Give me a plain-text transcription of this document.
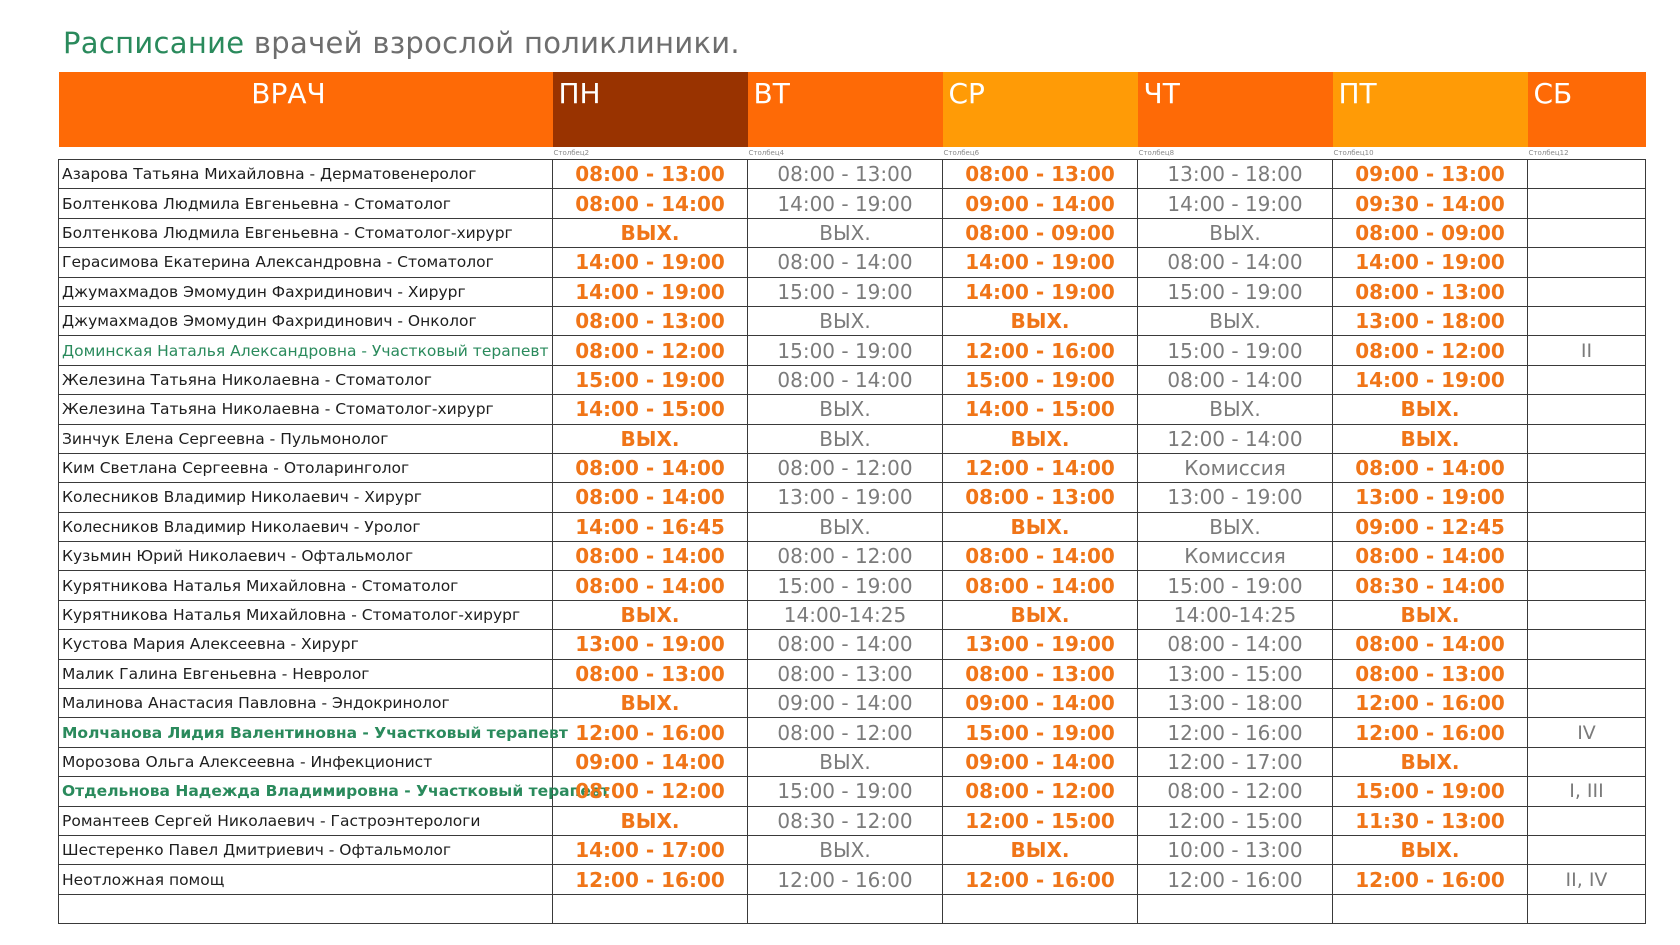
Расписание врачей взрослой поликлиники.
ВРАЧ	ПН	ВТ	СР	ЧТ	ПТ	СБ
	Столбец2	Столбец4	Столбец6	Столбец8	Столбец10	Столбец12
Азарова Татьяна Михайловна - Дерматовенеролог	08:00 - 13:00	08:00 - 13:00	08:00 - 13:00	13:00 - 18:00	09:00 - 13:00	
Болтенкова Людмила Евгеньевна - Стоматолог	08:00 - 14:00	14:00 - 19:00	09:00 - 14:00	14:00 - 19:00	09:30 - 14:00	
Болтенкова Людмила Евгеньевна - Стоматолог-хирург	ВЫХ.	ВЫХ.	08:00 - 09:00	ВЫХ.	08:00 - 09:00	
Герасимова Екатерина Александровна - Стоматолог	14:00 - 19:00	08:00 - 14:00	14:00 - 19:00	08:00 - 14:00	14:00 - 19:00	
Джумахмадов Эмомудин Фахридинович - Хирург	14:00 - 19:00	15:00 - 19:00	14:00 - 19:00	15:00 - 19:00	08:00 - 13:00	
Джумахмадов Эмомудин Фахридинович - Онколог	08:00 - 13:00	ВЫХ.	ВЫХ.	ВЫХ.	13:00 - 18:00	
Доминская Наталья Александровна - Участковый терапевт	08:00 - 12:00	15:00 - 19:00	12:00 - 16:00	15:00 - 19:00	08:00 - 12:00	II
Железина Татьяна Николаевна - Стоматолог	15:00 - 19:00	08:00 - 14:00	15:00 - 19:00	08:00 - 14:00	14:00 - 19:00	
Железина Татьяна Николаевна - Стоматолог-хирург	14:00 - 15:00	ВЫХ.	14:00 - 15:00	ВЫХ.	ВЫХ.	
Зинчук Елена Сергеевна - Пульмонолог	ВЫХ.	ВЫХ.	ВЫХ.	12:00 - 14:00	ВЫХ.	
Ким Светлана Сергеевна - Отоларинголог	08:00 - 14:00	08:00 - 12:00	12:00 - 14:00	Комиссия	08:00 - 14:00	
Колесников Владимир Николаевич - Хирург	08:00 - 14:00	13:00 - 19:00	08:00 - 13:00	13:00 - 19:00	13:00 - 19:00	
Колесников Владимир Николаевич - Уролог	14:00 - 16:45	ВЫХ.	ВЫХ.	ВЫХ.	09:00 - 12:45	
Кузьмин Юрий Николаевич - Офтальмолог	08:00 - 14:00	08:00 - 12:00	08:00 - 14:00	Комиссия	08:00 - 14:00	
Курятникова Наталья Михайловна - Стоматолог	08:00 - 14:00	15:00 - 19:00	08:00 - 14:00	15:00 - 19:00	08:30 - 14:00	
Курятникова Наталья Михайловна - Стоматолог-хирург	ВЫХ.	14:00-14:25	ВЫХ.	14:00-14:25	ВЫХ.	
Кустова Мария Алексеевна - Хирург	13:00 - 19:00	08:00 - 14:00	13:00 - 19:00	08:00 - 14:00	08:00 - 14:00	
Малик Галина Евгеньевна - Невролог	08:00 - 13:00	08:00 - 13:00	08:00 - 13:00	13:00 - 15:00	08:00 - 13:00	
Малинова Анастасия Павловна - Эндокринолог	ВЫХ.	09:00 - 14:00	09:00 - 14:00	13:00 - 18:00	12:00 - 16:00	
Молчанова Лидия Валентиновна - Участковый терапевт	12:00 - 16:00	08:00 - 12:00	15:00 - 19:00	12:00 - 16:00	12:00 - 16:00	IV
Морозова Ольга Алексеевна - Инфекционист	09:00 - 14:00	ВЫХ.	09:00 - 14:00	12:00 - 17:00	ВЫХ.	
Отдельнова Надежда Владимировна - Участковый терапевт	08:00 - 12:00	15:00 - 19:00	08:00 - 12:00	08:00 - 12:00	15:00 - 19:00	I, III
Романтеев Сергей Николаевич - Гастроэнтерологи	ВЫХ.	08:30 - 12:00	12:00 - 15:00	12:00 - 15:00	11:30 - 13:00	
Шестеренко Павел Дмитриевич - Офтальмолог	14:00 - 17:00	ВЫХ.	ВЫХ.	10:00 - 13:00	ВЫХ.	
Неотложная помощ	12:00 - 16:00	12:00 - 16:00	12:00 - 16:00	12:00 - 16:00	12:00 - 16:00	II, IV
